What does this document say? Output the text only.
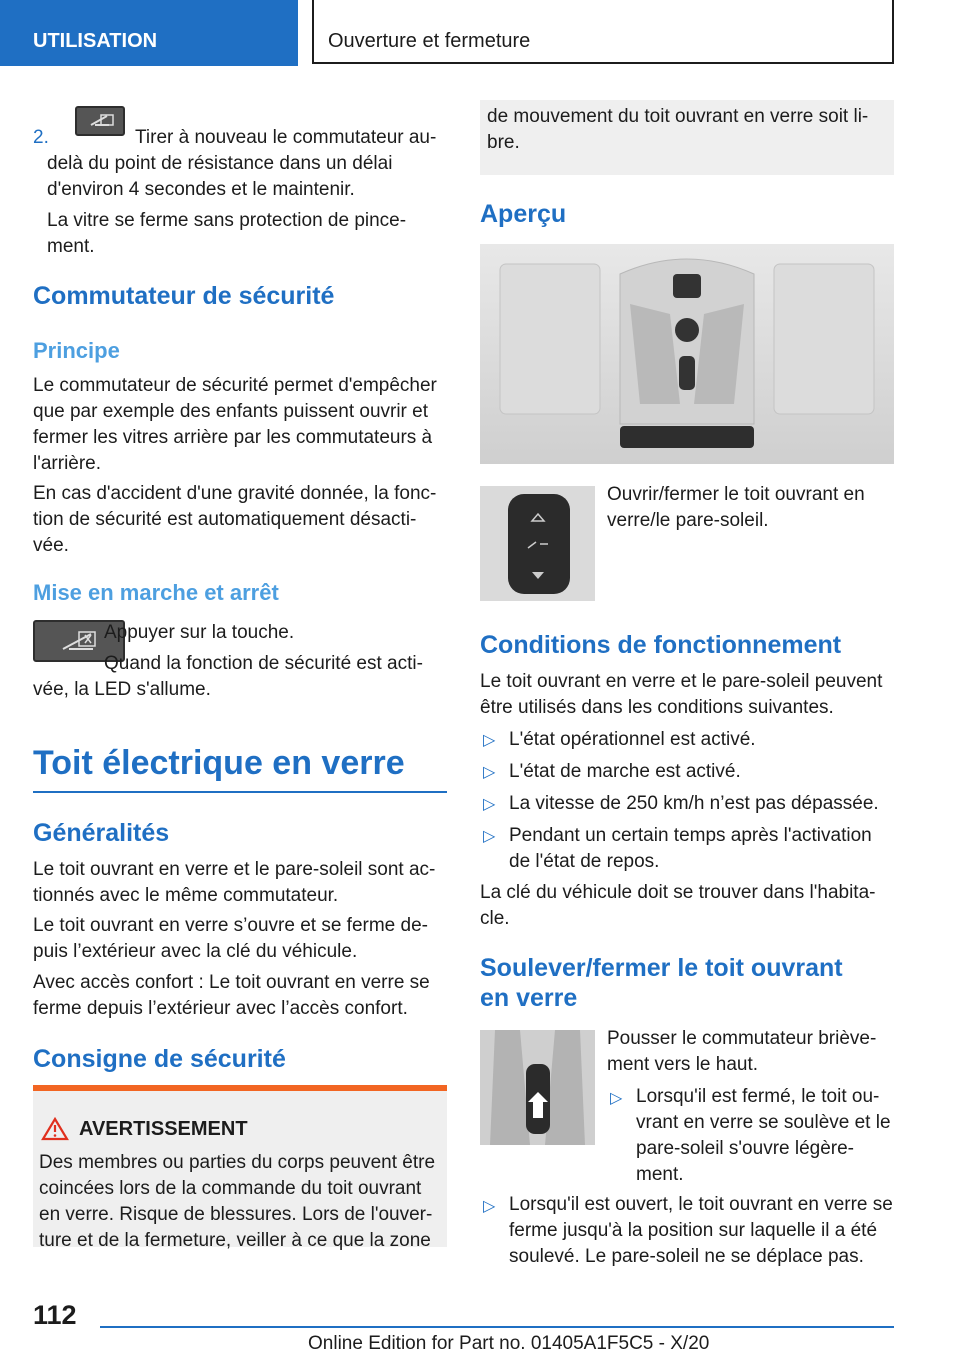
UTILISATION	Ouverture et fermeture
2.	Tirer à nouveau le commutateur au-

delà du point de résistance dans un délai

d'environ 4 secondes et le maintenir.

La vitre se ferme sans protection de pince-

ment.

Commutateur de sécurité
Principe

Le commutateur de sécurité permet d'empêcher

que par exemple des enfants puissent ouvrir et

fermer les vitres arrière par les commutateurs à

l'arrière.

En cas d'accident d'une gravité donnée, la fonc-

tion de sécurité est automatiquement désacti-

vée.

Mise en marche et arrêt

Appuyer sur la touche.

Quand la fonction de sécurité est acti-

vée, la LED s'allume.

Toit électrique en verre
Généralités

Le toit ouvrant en verre et le pare-soleil sont ac-

tionnés avec le même commutateur.

Le toit ouvrant en verre s’ouvre et se ferme de-

puis l’extérieur avec la clé du véhicule.

Avec accès confort : Le toit ouvrant en verre se

ferme depuis l’extérieur avec l’accès confort.

Consigne de sécurité
AVERTISSEMENT

Des membres ou parties du corps peuvent être

coincées lors de la commande du toit ouvrant

en verre. Risque de blessures. Lors de l'ouver-

ture et de la fermeture, veiller à ce que la zone

de mouvement du toit ouvrant en verre soit li-

bre.

Aperçu

Ouvrir/fermer le toit ouvrant en

verre/le pare-soleil.

Conditions de fonctionnement

Le toit ouvrant en verre et le pare-soleil peuvent

être utilisés dans les conditions suivantes.

▷ L'état opérationnel est activé.

▷ L'état de marche est activé.

▷ La vitesse de 250 km/h n’est pas dépassée.

▷ Pendant un certain temps après l'activation

de l'état de repos.

La clé du véhicule doit se trouver dans l'habita-

cle.

Soulever/fermer le toit ouvrant
en verre

Pousser le commutateur briève-

ment vers le haut.

▷ Lorsqu'il est fermé, le toit ou-

vrant en verre se soulève et le

pare-soleil s'ouvre légère-

ment.

▷ Lorsqu'il est ouvert, le toit ouvrant en verre se

ferme jusqu'à la position sur laquelle il a été

soulevé. Le pare-soleil ne se déplace pas.

112
Online Edition for Part no. 01405A1F5C5 - X/20
